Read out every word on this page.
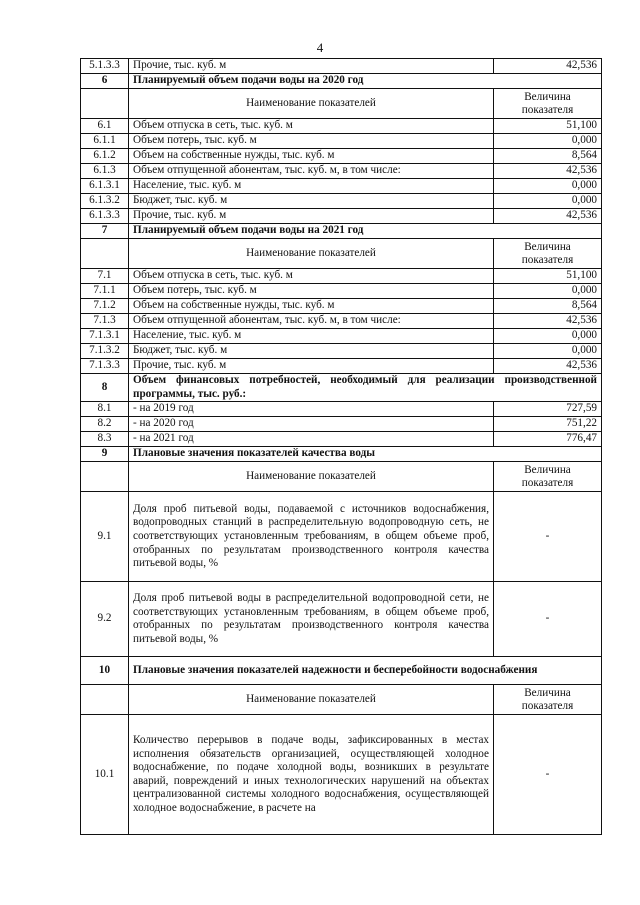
4
5.1.3.3	Прочие, тыс. куб. м	42,536
6	Планируемый объем подачи воды на 2020 год	
	Наименование показателей	Величина показателя
6.1	Объем отпуска в сеть, тыс. куб. м	51,100
6.1.1	Объем потерь, тыс. куб. м	0,000
6.1.2	Объем на собственные нужды, тыс. куб. м	8,564
6.1.3	Объем отпущенной абонентам, тыс. куб. м, в том числе:	42,536
6.1.3.1	Население, тыс. куб. м	0,000
6.1.3.2	Бюджет, тыс. куб. м	0,000
6.1.3.3	Прочие, тыс. куб. м	42,536
7	Планируемый объем подачи воды на 2021 год	
	Наименование показателей	Величина показателя
7.1	Объем отпуска в сеть, тыс. куб. м	51,100
7.1.1	Объем потерь, тыс. куб. м	0,000
7.1.2	Объем на собственные нужды, тыс. куб. м	8,564
7.1.3	Объем отпущенной абонентам, тыс. куб. м, в том числе:	42,536
7.1.3.1	Население, тыс. куб. м	0,000
7.1.3.2	Бюджет, тыс. куб. м	0,000
7.1.3.3	Прочие, тыс. куб. м	42,536
8	Объем финансовых потребностей, необходимый для реализации производственной программы, тыс. руб.:	
8.1	- на 2019 год	727,59
8.2	- на 2020 год	751,22
8.3	- на 2021 год	776,47
9	Плановые значения показателей качества воды	
	Наименование показателей	Величина показателя
9.1	Доля проб питьевой воды, подаваемой с источников водоснабжения, водопроводных станций в распределительную водопроводную сеть, не соответствующих установленным требованиям, в общем объеме проб, отобранных по результатам производственного контроля качества питьевой воды, %	-
9.2	Доля проб питьевой воды в распределительной водопроводной сети, не соответствующих установленным требованиям, в общем объеме проб, отобранных по результатам производственного контроля качества питьевой воды, %	-
10	Плановые значения показателей надежности и бесперебойности водоснабжения	
	Наименование показателей	Величина показателя
10.1	Количество перерывов в подаче воды, зафиксированных в местах исполнения обязательств организацией, осуществляющей холодное водоснабжение, по подаче холодной воды, возникших в результате аварий, повреждений и иных технологических нарушений на объектах централизованной системы холодного водоснабжения, осуществляющей холодное водоснабжение, в расчете на	-
